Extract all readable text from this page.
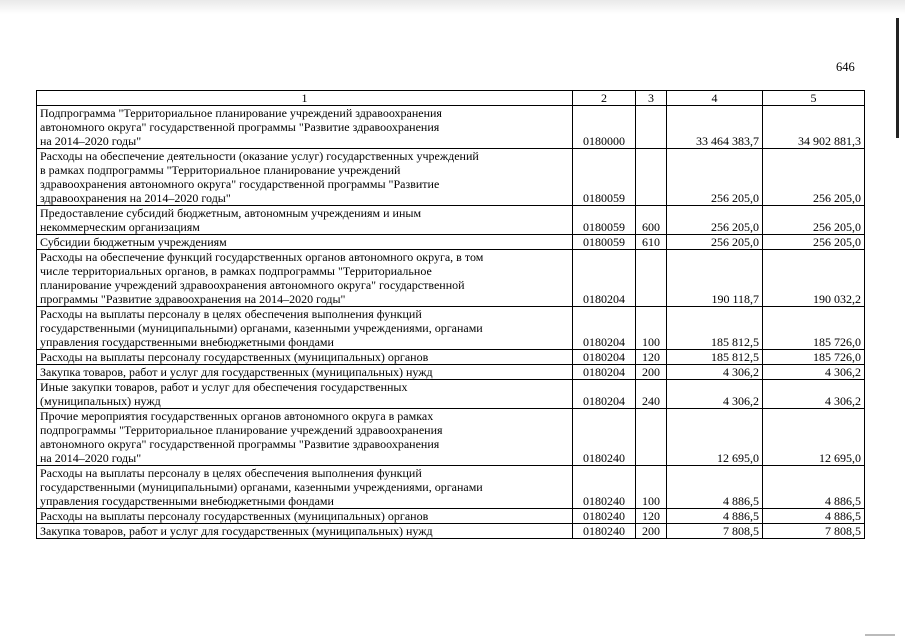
646
1	2	3	4	5
Подпрограмма "Территориальное планирование учреждений здравоохранения
автономного округа" государственной программы "Развитие здравоохранения
на 2014–2020 годы"	0180000		33 464 383,7	34 902 881,3
Расходы на обеспечение деятельности (оказание услуг) государственных учреждений
в рамках подпрограммы "Территориальное планирование учреждений
здравоохранения автономного округа" государственной программы "Развитие
здравоохранения на 2014–2020 годы"	0180059		256 205,0	256 205,0
Предоставление субсидий бюджетным, автономным учреждениям и иным
некоммерческим организациям	0180059	600	256 205,0	256 205,0
Субсидии бюджетным учреждениям	0180059	610	256 205,0	256 205,0
Расходы на обеспечение функций государственных органов автономного округа, в том
числе территориальных органов, в рамках подпрограммы "Территориальное
планирование учреждений здравоохранения автономного округа" государственной
программы "Развитие здравоохранения на 2014–2020 годы"	0180204		190 118,7	190 032,2
Расходы на выплаты персоналу в целях обеспечения выполнения функций
государственными (муниципальными) органами, казенными учреждениями, органами
управления государственными внебюджетными фондами	0180204	100	185 812,5	185 726,0
Расходы на выплаты персоналу государственных (муниципальных) органов	0180204	120	185 812,5	185 726,0
Закупка товаров, работ и услуг для государственных (муниципальных) нужд	0180204	200	4 306,2	4 306,2
Иные закупки товаров, работ и услуг для обеспечения государственных
(муниципальных) нужд	0180204	240	4 306,2	4 306,2
Прочие мероприятия государственных органов автономного округа в рамках
подпрограммы "Территориальное планирование учреждений здравоохранения
автономного округа" государственной программы "Развитие здравоохранения
на 2014–2020 годы"	0180240		12 695,0	12 695,0
Расходы на выплаты персоналу в целях обеспечения выполнения функций
государственными (муниципальными) органами, казенными учреждениями, органами
управления государственными внебюджетными фондами	0180240	100	4 886,5	4 886,5
Расходы на выплаты персоналу государственных (муниципальных) органов	0180240	120	4 886,5	4 886,5
Закупка товаров, работ и услуг для государственных (муниципальных) нужд	0180240	200	7 808,5	7 808,5
